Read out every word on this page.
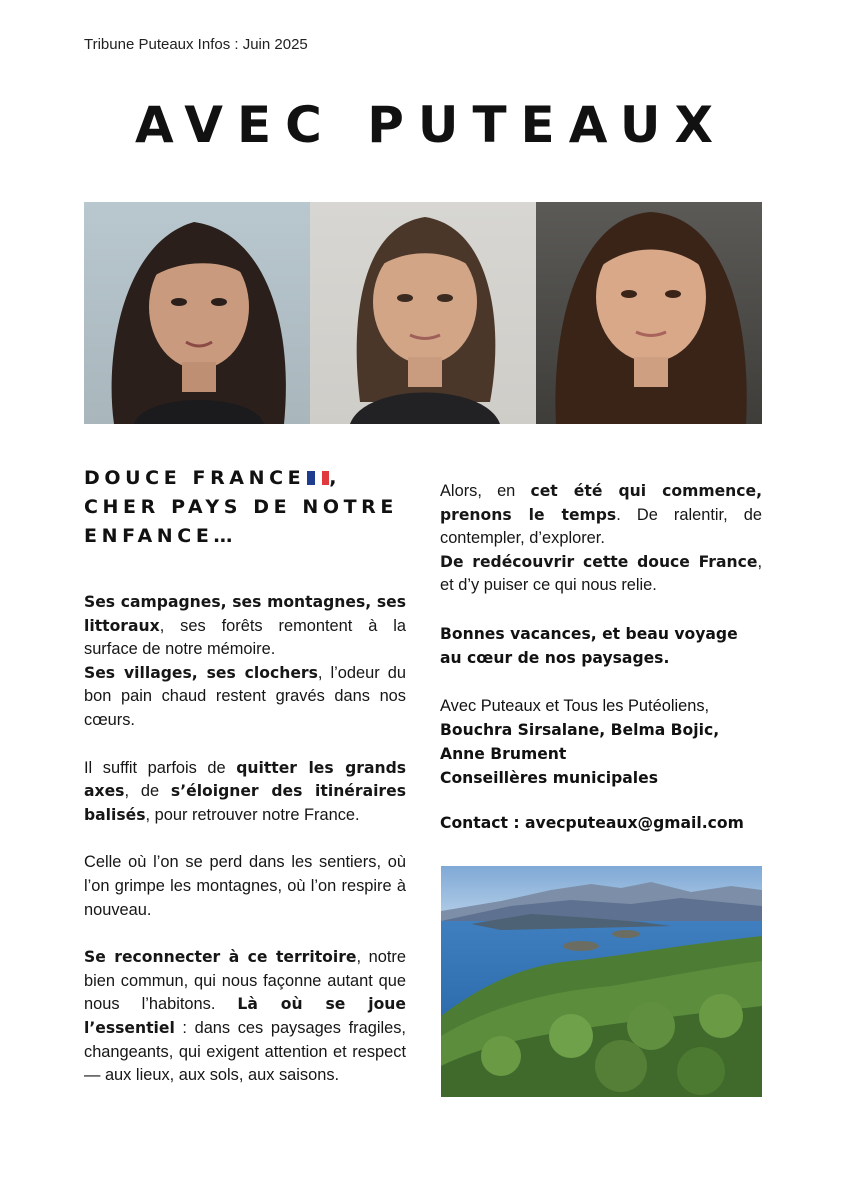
Tribune Puteaux Infos : Juin 2025
AVEC PUTEAUX
DOUCE FRANCE ,
CHER PAYS DE NOTRE
ENFANCE…

Ses campagnes, ses montagnes, ses littoraux, ses forêts remontent à la surface de notre mémoire.

Ses villages, ses clochers, l’odeur du bon pain chaud restent gravés dans nos cœurs.

Il suffit parfois de quitter les grands axes, de s’éloigner des itinéraires balisés, pour retrouver notre France.

Celle où l’on se perd dans les sentiers, où l’on grimpe les montagnes, où l’on respire à nouveau.

Se reconnecter à ce territoire, notre bien commun, qui nous façonne autant que nous l’habitons. Là où se joue l’essentiel : dans ces paysages fragiles, changeants, qui exigent attention et respect — aux lieux, aux sols, aux saisons.

Alors, en cet été qui commence, prenons le temps. De ralentir, de contempler, d’explorer.

De redécouvrir cette douce France, et d’y puiser ce qui nous relie.

Bonnes vacances, et beau voyage au cœur de nos paysages.

Avec Puteaux et Tous les Putéoliens,

Bouchra Sirsalane, Belma Bojic,

Anne Brument

Conseillères municipales

Contact : avecputeaux@gmail.com
